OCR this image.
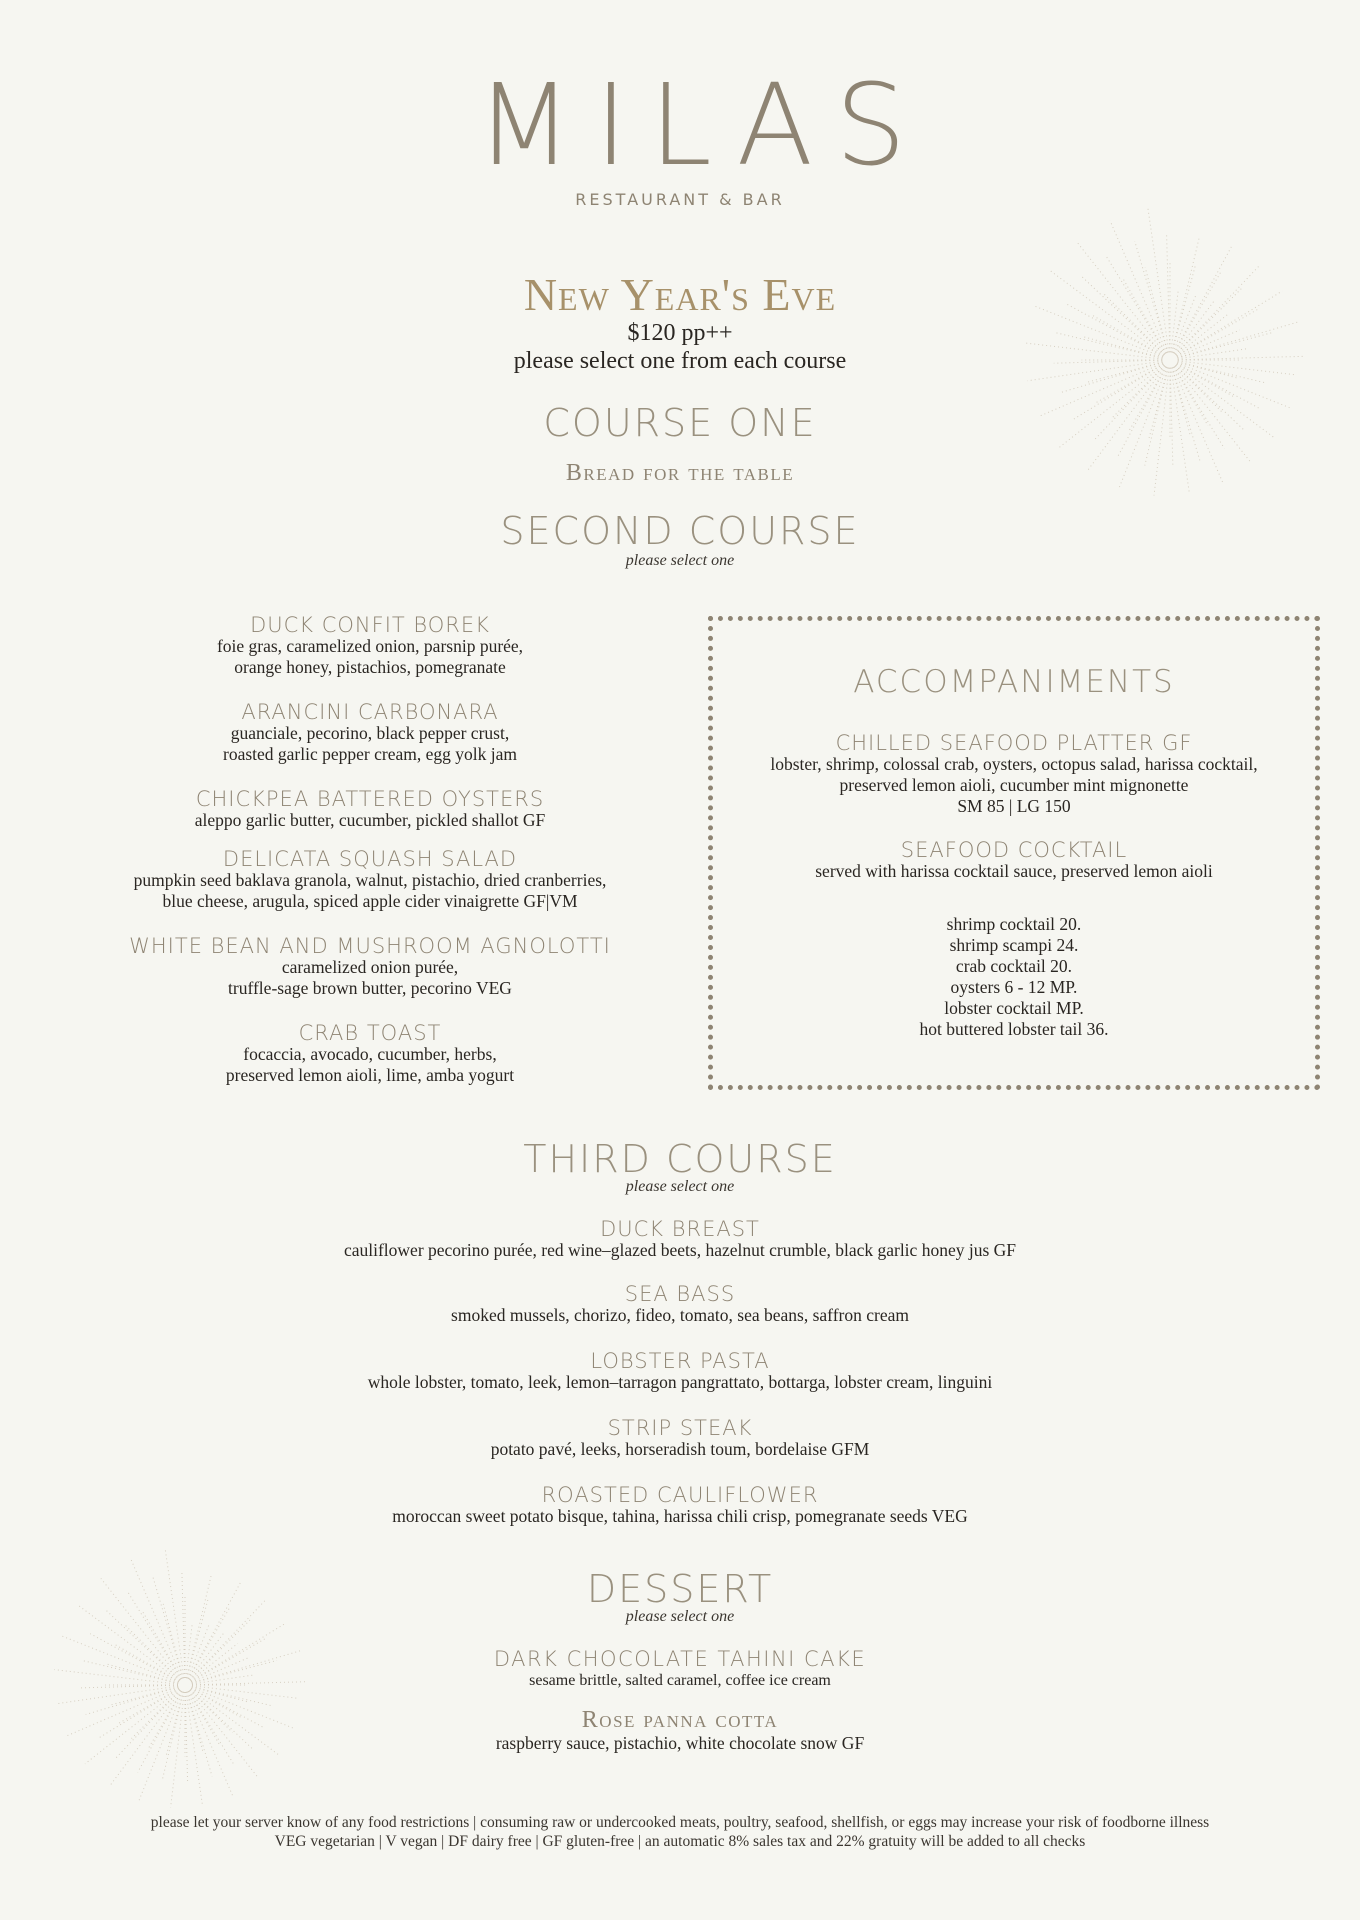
MILAS
RESTAURANT & BAR
New Year's Eve
$120 pp++
please select one from each course
COURSE ONE
Bread for the table
SECOND COURSE
please select one
DUCK CONFIT BOREK
foie gras, caramelized onion, parsnip purée,
orange honey, pistachios, pomegranate
ARANCINI CARBONARA
guanciale, pecorino, black pepper crust,
roasted garlic pepper cream, egg yolk jam
CHICKPEA BATTERED OYSTERS
aleppo garlic butter, cucumber, pickled shallot GF
DELICATA SQUASH SALAD
pumpkin seed baklava granola, walnut, pistachio, dried cranberries,
blue cheese, arugula, spiced apple cider vinaigrette GF|VM
WHITE BEAN AND MUSHROOM AGNOLOTTI
caramelized onion purée,
truffle-sage brown butter, pecorino VEG
CRAB TOAST
focaccia, avocado, cucumber, herbs,
preserved lemon aioli, lime, amba yogurt
ACCOMPANIMENTS
CHILLED SEAFOOD PLATTER GF
lobster, shrimp, colossal crab, oysters, octopus salad, harissa cocktail,
preserved lemon aioli, cucumber mint mignonette
SM 85 | LG 150
SEAFOOD COCKTAIL
served with harissa cocktail sauce, preserved lemon aioli
shrimp cocktail 20.
shrimp scampi 24.
crab cocktail 20.
oysters 6 - 12 MP.
lobster cocktail MP.
hot buttered lobster tail 36.
THIRD COURSE
please select one
DUCK BREAST
cauliflower pecorino purée, red wine–glazed beets, hazelnut crumble, black garlic honey jus GF
SEA BASS
smoked mussels, chorizo, fideo, tomato, sea beans, saffron cream
LOBSTER PASTA
whole lobster, tomato, leek, lemon–tarragon pangrattato, bottarga, lobster cream, linguini
STRIP STEAK
potato pavé, leeks, horseradish toum, bordelaise GFM
ROASTED CAULIFLOWER
moroccan sweet potato bisque, tahina, harissa chili crisp, pomegranate seeds VEG
DESSERT
please select one
DARK CHOCOLATE TAHINI CAKE
sesame brittle, salted caramel, coffee ice cream
Rose panna cotta
raspberry sauce, pistachio, white chocolate snow GF
please let your server know of any food restrictions | consuming raw or undercooked meats, poultry, seafood, shellfish, or eggs may increase your risk of foodborne illness
VEG vegetarian | V vegan | DF dairy free | GF gluten-free | an automatic 8% sales tax and 22% gratuity will be added to all checks
